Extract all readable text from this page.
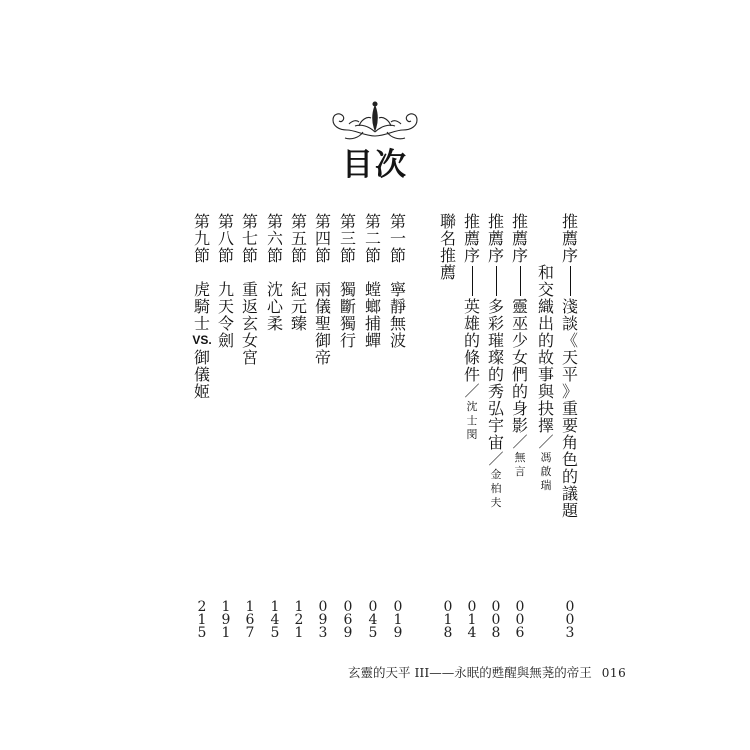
目次
推
薦
序
淺
談
《
天
平
》
重
要
角
色
的
議
題
和
交
織
出
的
故
事
與
抉
擇
／
馮
啟
瑞
推
薦
序
靈
巫
少
女
們
的
身
影
／
無
言
推
薦
序
多
彩
璀
璨
的
秀
弘
宇
宙
／
金
柏
夫
推
薦
序
英
雄
的
條
件
／
沈
士
閔
聯
名
推
薦
第
一
節
寧
靜
無
波
第
二
節
螳
螂
捕
蟬
第
三
節
獨
斷
獨
行
第
四
節
兩
儀
聖
御
帝
第
五
節
紀
元
臻
第
六
節
沈
心
柔
第
七
節
重
返
玄
女
宮
第
八
節
九
天
令
劍
第
九
節
虎
騎
士
VS.
御
儀
姬
0
0
3
0
0
6
0
0
8
0
1
4
0
1
8
0
1
9
0
4
5
0
6
9
0
9
3
1
2
1
1
4
5
1
6
7
1
9
1
2
1
5
玄靈的天平 III——永眠的甦醒與無荛的帝王 016
